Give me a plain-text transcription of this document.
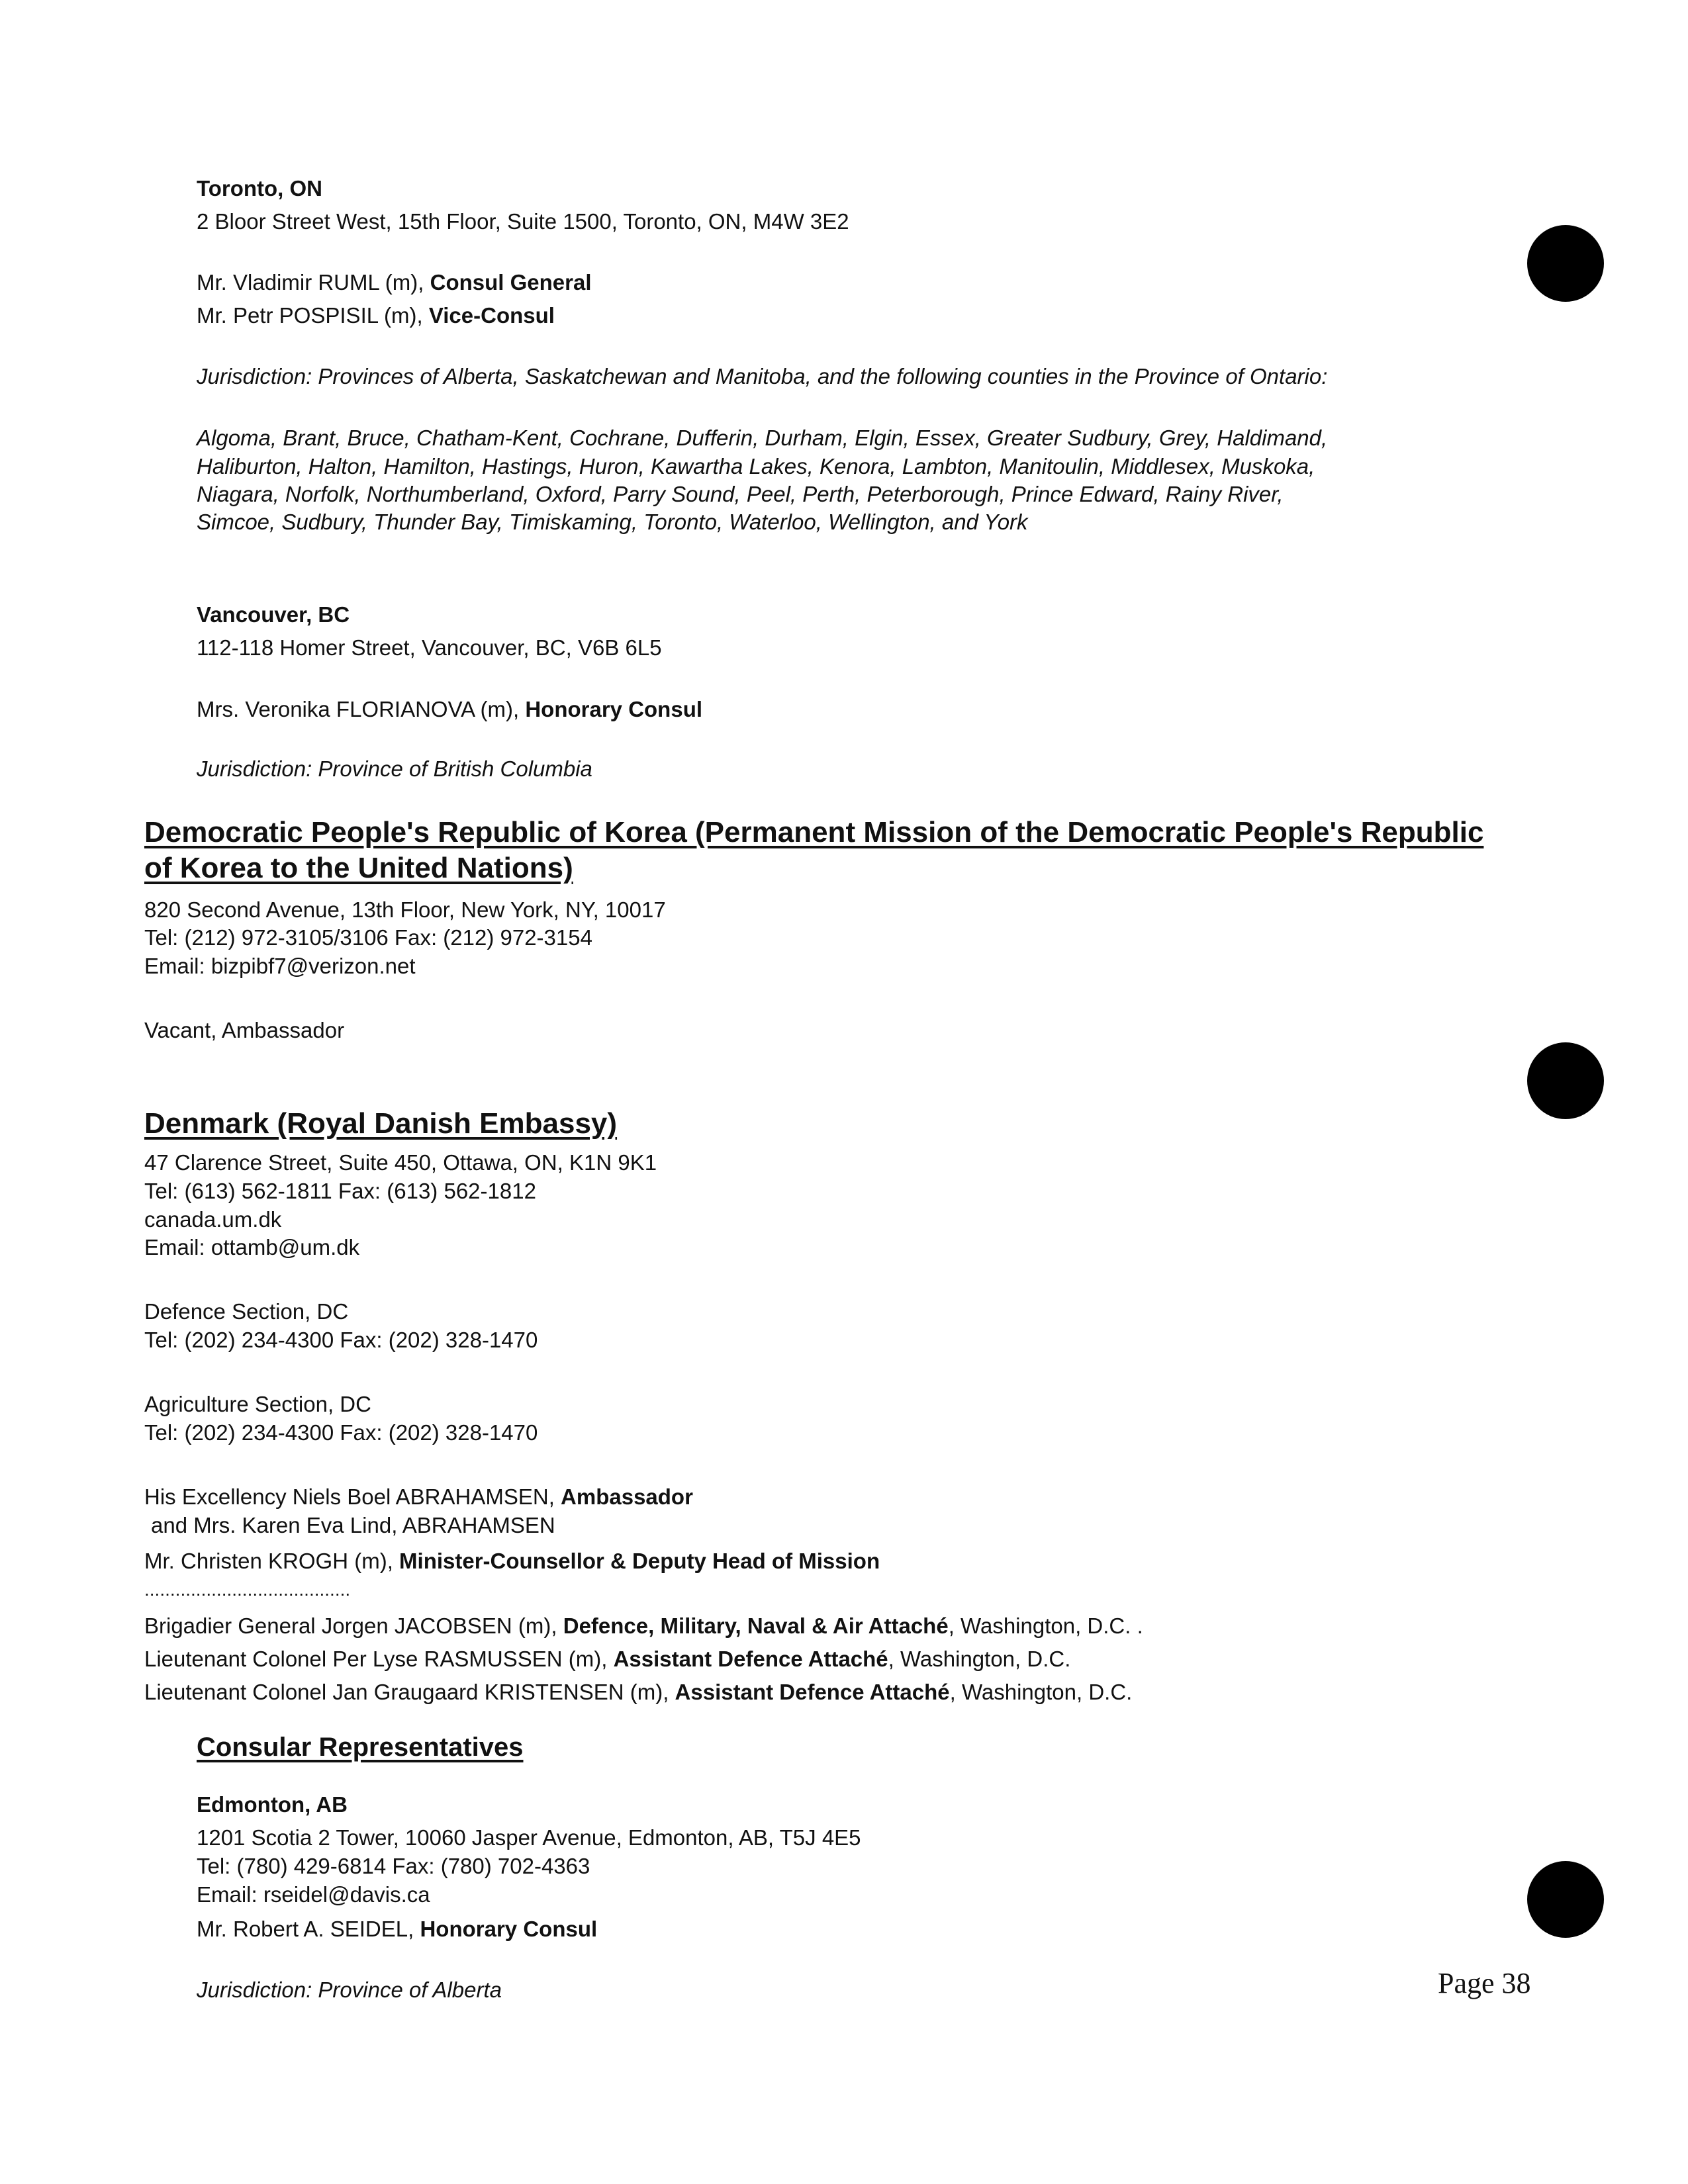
Toronto, ON
2 Bloor Street West, 15th Floor, Suite 1500, Toronto, ON, M4W 3E2
Mr. Vladimir RUML (m), Consul General
Mr. Petr POSPISIL (m), Vice-Consul
Jurisdiction: Provinces of Alberta, Saskatchewan and Manitoba, and the following counties in the Province of Ontario:
Algoma, Brant, Bruce, Chatham-Kent, Cochrane, Dufferin, Durham, Elgin, Essex, Greater Sudbury, Grey, Haldimand,
Haliburton, Halton, Hamilton, Hastings, Huron, Kawartha Lakes, Kenora, Lambton, Manitoulin, Middlesex, Muskoka,
Niagara, Norfolk, Northumberland, Oxford, Parry Sound, Peel, Perth, Peterborough, Prince Edward, Rainy River,
Simcoe, Sudbury, Thunder Bay, Timiskaming, Toronto, Waterloo, Wellington, and York
Vancouver, BC
112-118 Homer Street, Vancouver, BC, V6B 6L5
Mrs. Veronika FLORIANOVA (m), Honorary Consul
Jurisdiction: Province of British Columbia
Democratic People's Republic of Korea (Permanent Mission of the Democratic People's Republic
of Korea to the United Nations)
820 Second Avenue, 13th Floor, New York, NY, 10017
Tel: (212) 972-3105/3106 Fax: (212) 972-3154
Email: bizpibf7@verizon.net
Vacant, Ambassador
Denmark (Royal Danish Embassy)
47 Clarence Street, Suite 450, Ottawa, ON, K1N 9K1
Tel: (613) 562-1811 Fax: (613) 562-1812
canada.um.dk
Email: ottamb@um.dk
Defence Section, DC
Tel: (202) 234-4300 Fax: (202) 328-1470
Agriculture Section, DC
Tel: (202) 234-4300 Fax: (202) 328-1470
His Excellency Niels Boel ABRAHAMSEN, Ambassador
and Mrs. Karen Eva Lind, ABRAHAMSEN
Mr. Christen KROGH (m), Minister-Counsellor & Deputy Head of Mission
........................................
Brigadier General Jorgen JACOBSEN (m), Defence, Military, Naval & Air Attaché, Washington, D.C. .
Lieutenant Colonel Per Lyse RASMUSSEN (m), Assistant Defence Attaché, Washington, D.C.
Lieutenant Colonel Jan Graugaard KRISTENSEN (m), Assistant Defence Attaché, Washington, D.C.
Consular Representatives
Edmonton, AB
1201 Scotia 2 Tower, 10060 Jasper Avenue, Edmonton, AB, T5J 4E5
Tel: (780) 429-6814 Fax: (780) 702-4363
Email: rseidel@davis.ca
Mr. Robert A. SEIDEL, Honorary Consul
Jurisdiction: Province of Alberta	Page 38
